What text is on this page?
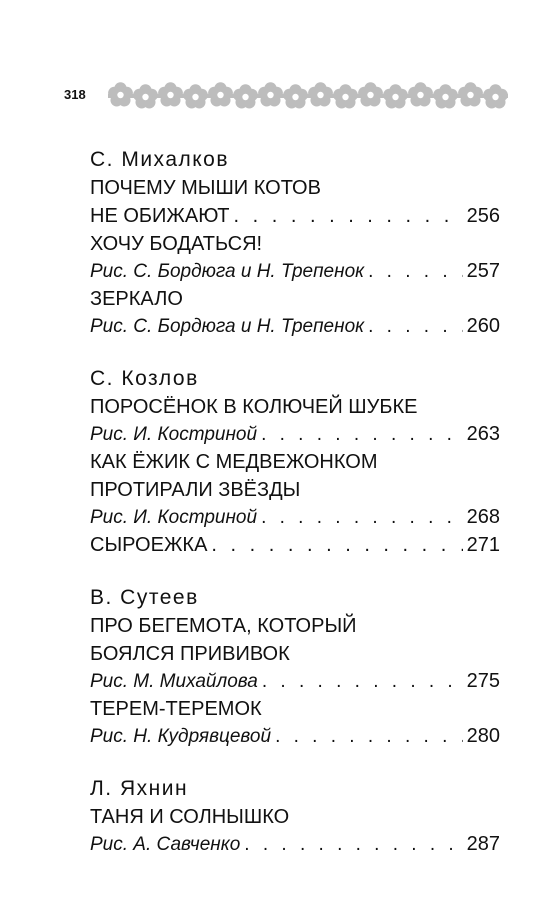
318
С. Михалков
ПОЧЕМУ МЫШИ КОТОВ
НЕ ОБИЖАЮТ . . .	256
ХОЧУ БОДАТЬСЯ!
Рис. С. Бордюга и Н. Трепенок . . .	257
ЗЕРКАЛО
Рис. С. Бордюга и Н. Трепенок . . .	260
С. Козлов
ПОРОСЁНОК В КОЛЮЧЕЙ ШУБКЕ
Рис. И. Костриной . . .	263
КАК ЁЖИК С МЕДВЕЖОНКОМ
ПРОТИРАЛИ ЗВЁЗДЫ
Рис. И. Костриной . . .	268
СЫРОЕЖКА . . .	271
В. Сутеев
ПРО БЕГЕМОТА, КОТОРЫЙ
БОЯЛСЯ ПРИВИВОК
Рис. М. Михайлова . . .	275
ТЕРЕМ-ТЕРЕМОК
Рис. Н. Кудрявцевой . . .	280
Л. Яхнин
ТАНЯ И СОЛНЫШКО
Рис. А. Савченко . . .	287
